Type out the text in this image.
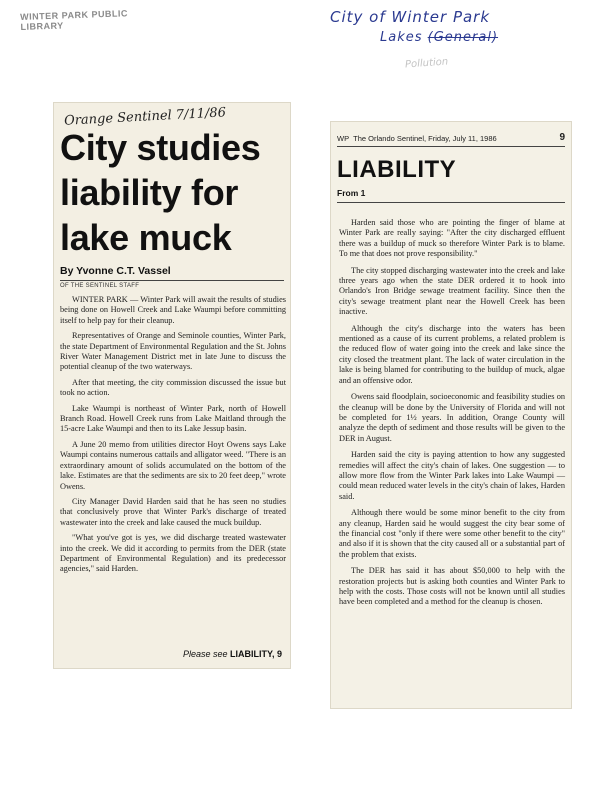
WINTER PARK PUBLIC LIBRARY
City of Winter Park
Lakes (General)
Pollution
Orange Sentinel 7/11/86
City studies
liability for
lake muck
By Yvonne C.T. Vassel
OF THE SENTINEL STAFF

WINTER PARK — Winter Park will await the results of studies being done on Howell Creek and Lake Waumpi before committing itself to help pay for their cleanup.

Representatives of Orange and Seminole counties, Winter Park, the state Department of Environmental Regulation and the St. Johns River Water Management District met in late June to discuss the potential cleanup of the two waterways.

After that meeting, the city commission discussed the issue but took no action.

Lake Waumpi is northeast of Winter Park, north of Howell Branch Road. Howell Creek runs from Lake Maitland through the 15-acre Lake Waumpi and then to its Lake Jessup basin.

A June 20 memo from utilities director Hoyt Owens says Lake Waumpi contains numerous cattails and alligator weed. "There is an extraordinary amount of solids accumulated on the bottom of the lake. Estimates are that the sediments are six to 20 feet deep," wrote Owens.

City Manager David Harden said that he has seen no studies that conclusively prove that Winter Park's discharge of treated wastewater into the creek and lake caused the muck buildup.

"What you've got is yes, we did discharge treated wastewater into the creek. We did it according to permits from the DER (state Department of Environmental Regulation) and its predecessor agencies," said Harden.

Please see LIABILITY, 9
WP The Orlando Sentinel, Friday, July 11, 1986	9
LIABILITY
From 1

Harden said those who are pointing the finger of blame at Winter Park are really saying: "After the city discharged effluent there was a buildup of muck so therefore Winter Park is to blame. To me that does not prove responsibility."

The city stopped discharging wastewater into the creek and lake three years ago when the state DER ordered it to hook into Orlando's Iron Bridge sewage treatment facility. Since then the city's sewage treatment plant near the Howell Creek has been inactive.

Although the city's discharge into the waters has been mentioned as a cause of its current problems, a related problem is the reduced flow of water going into the creek and lake since the city closed the treatment plant. The lack of water circulation in the lake is being blamed for contributing to the buildup of muck, algae and an offensive odor.

Owens said floodplain, socioeconomic and feasibility studies on the cleanup will be done by the University of Florida and will not be completed for 1½ years. In addition, Orange County will analyze the depth of sediment and those results will be given to the DER in August.

Harden said the city is paying attention to how any suggested remedies will affect the city's chain of lakes. One suggestion — to allow more flow from the Winter Park lakes into Lake Waumpi — could mean reduced water levels in the city's chain of lakes, Harden said.

Although there would be some minor benefit to the city from any cleanup, Harden said he would suggest the city bear some of the financial cost "only if there were some other benefit to the city" and also if it is shown that the city caused all or a substantial part of the problem that exists.

The DER has said it has about $50,000 to help with the restoration projects but is asking both counties and Winter Park to help with the costs. Those costs will not be known until all studies have been completed and a method for the cleanup is chosen.
